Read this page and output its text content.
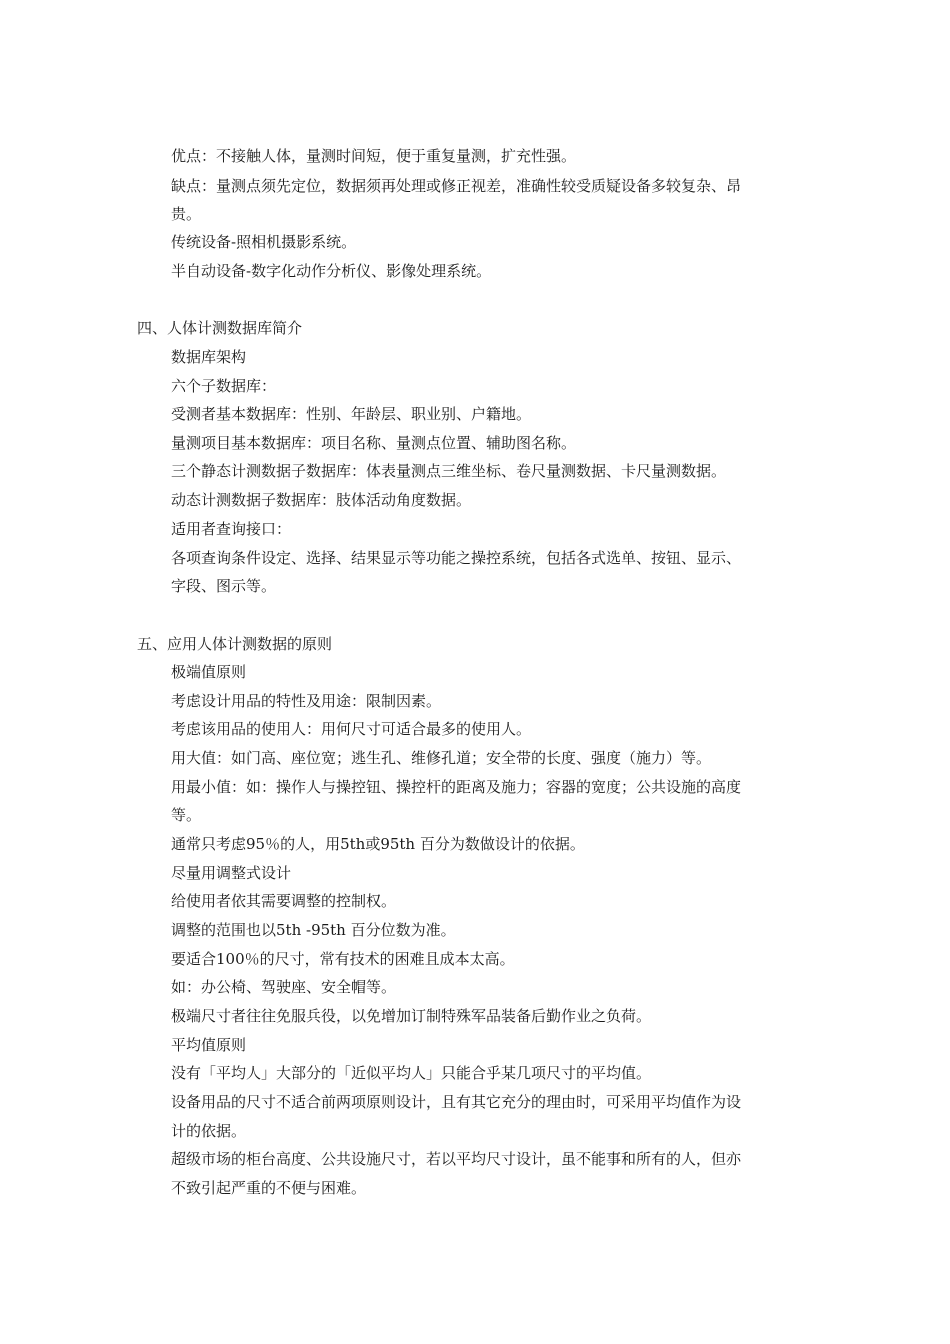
优点：不接触人体，量测时间短，便于重复量测，扩充性强。
缺点：量测点须先定位，数据须再处理或修正视差，准确性较受质疑设备多较复杂、昂
贵。
传统设备-照相机摄影系统。
半自动设备-数字化动作分析仪、影像处理系统。
四、人体计测数据库简介
数据库架构
六个子数据库：
受测者基本数据库：性别、年龄层、职业别、户籍地。
量测项目基本数据库：项目名称、量测点位置、辅助图名称。
三个静态计测数据子数据库：体表量测点三维坐标、卷尺量测数据、卡尺量测数据。
动态计测数据子数据库：肢体活动角度数据。
适用者查询接口：
各项查询条件设定、选择、结果显示等功能之操控系统，包括各式选单、按钮、显示、
字段、图示等。
五、应用人体计测数据的原则
极端值原则
考虑设计用品的特性及用途：限制因素。
考虑该用品的使用人：用何尺寸可适合最多的使用人。
用大值：如门高、座位宽；逃生孔、维修孔道；安全带的长度、强度（施力）等。
用最小值：如：操作人与操控钮、操控杆的距离及施力；容器的宽度；公共设施的高度
等。
通常只考虑95％的人，用5th或95th 百分为数做设计的依据。
尽量用调整式设计
给使用者依其需要调整的控制权。
调整的范围也以5th -95th 百分位数为准。
要适合100％的尺寸，常有技术的困难且成本太高。
如：办公椅、驾驶座、安全帽等。
极端尺寸者往往免服兵役，以免增加订制特殊军品装备后勤作业之负荷。
平均值原则
没有「平均人」大部分的「近似平均人」只能合乎某几项尺寸的平均值。
设备用品的尺寸不适合前两项原则设计，且有其它充分的理由时，可采用平均值作为设
计的依据。
超级市场的柜台高度、公共设施尺寸，若以平均尺寸设计，虽不能事和所有的人，但亦
不致引起严重的不便与困难。
